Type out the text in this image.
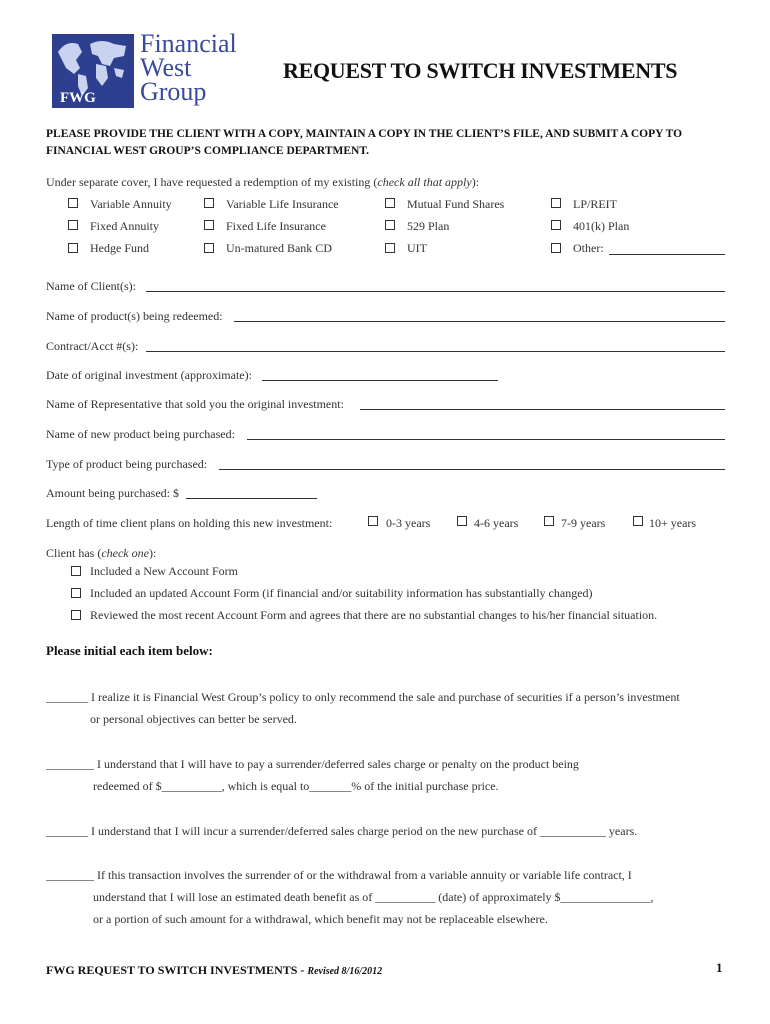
FWG
Financial
West
Group
REQUEST TO SWITCH INVESTMENTS
PLEASE PROVIDE THE CLIENT WITH A COPY, MAINTAIN A COPY IN THE CLIENT’S FILE, AND SUBMIT A COPY TO FINANCIAL WEST GROUP’S COMPLIANCE DEPARTMENT.
Under separate cover, I have requested a redemption of my existing (check all that apply):
Variable Annuity	Variable Life Insurance	Mutual Fund Shares	LP/REIT
Fixed Annuity	Fixed Life Insurance	529 Plan	401(k) Plan
Hedge Fund	Un-matured Bank CD	UIT	Other:
Name of Client(s):
Name of product(s) being redeemed:
Contract/Acct #(s):
Date of original investment (approximate):
Name of Representative that sold you the original investment:
Name of new product being purchased:
Type of product being purchased:
Amount being purchased: $
Length of time client plans on holding this new investment:	0-3 years	4-6 years	7-9 years	10+ years
Client has (check one):
Included a New Account Form
Included an updated Account Form (if financial and/or suitability information has substantially changed)
Reviewed the most recent Account Form and agrees that there are no substantial changes to his/her financial situation.
Please initial each item below:
_______ I realize it is Financial West Group’s policy to only recommend the sale and purchase of securities if a person’s investment
or personal objectives can better be served.
________ I understand that I will have to pay a surrender/deferred sales charge or penalty on the product being
redeemed of $__________, which is equal to_______% of the initial purchase price.
_______ I understand that I will incur a surrender/deferred sales charge period on the new purchase of ___________ years.
________ If this transaction involves the surrender of or the withdrawal from a variable annuity or variable life contract, I
understand that I will lose an estimated death benefit as of __________ (date) of approximately $_______________,
or a portion of such amount for a withdrawal, which benefit may not be replaceable elsewhere.
FWG REQUEST TO SWITCH INVESTMENTS - Revised 8/16/2012	1
